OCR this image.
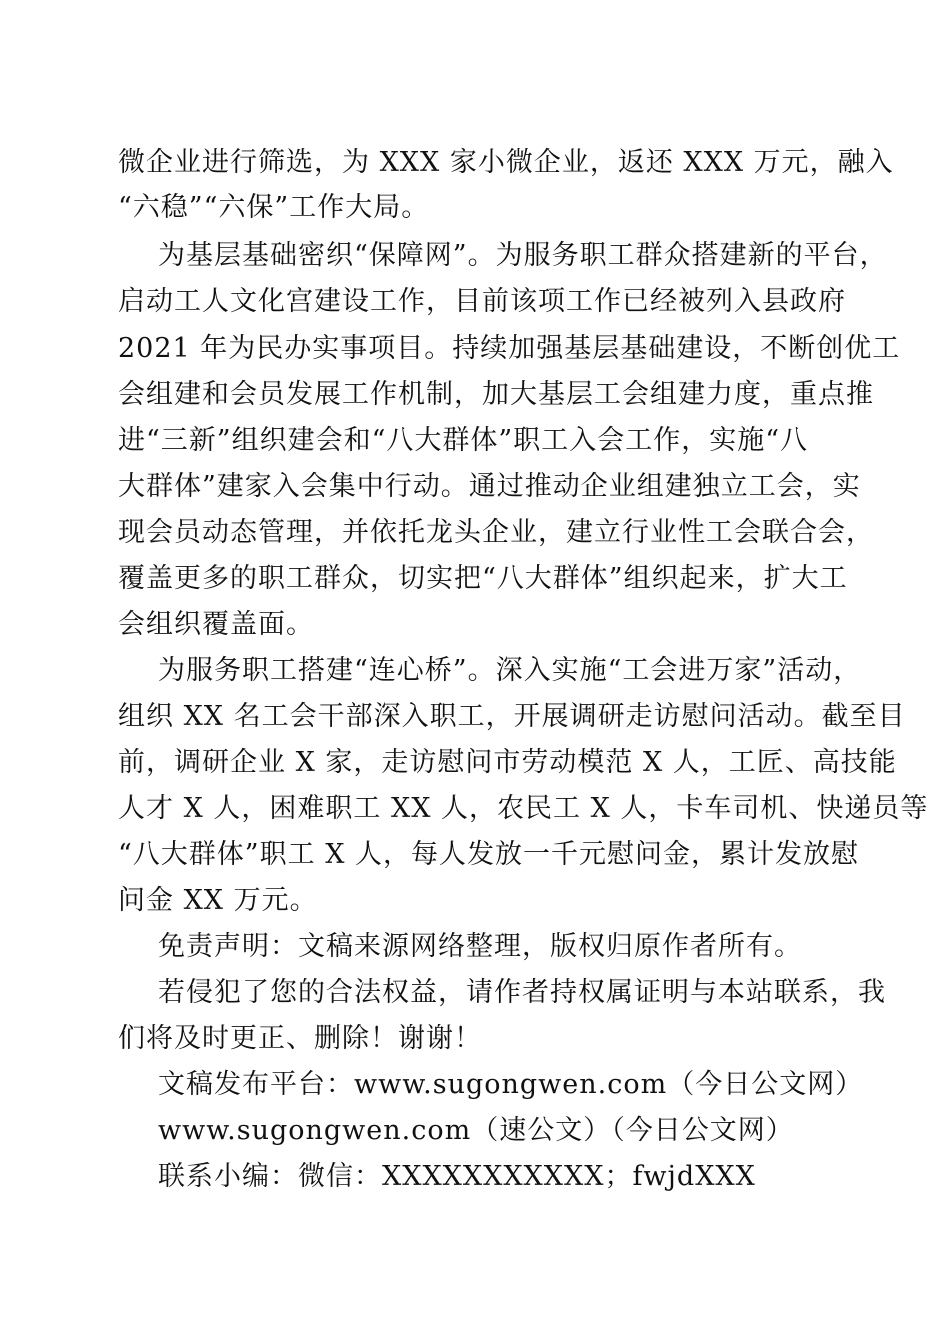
微企业进行筛选，为 XXX 家小微企业，返还 XXX 万元，融入
“六稳”“六保”工作大局。
为基层基础密织“保障网”。为服务职工群众搭建新的平台，
启动工人文化宫建设工作，目前该项工作已经被列入县政府
2021 年为民办实事项目。持续加强基层基础建设，不断创优工
会组建和会员发展工作机制，加大基层工会组建力度，重点推
进“三新”组织建会和“八大群体”职工入会工作，实施“八
大群体”建家入会集中行动。通过推动企业组建独立工会，实
现会员动态管理，并依托龙头企业，建立行业性工会联合会，
覆盖更多的职工群众，切实把“八大群体”组织起来，扩大工
会组织覆盖面。
为服务职工搭建“连心桥”。深入实施“工会进万家”活动，
组织 XX 名工会干部深入职工，开展调研走访慰问活动。截至目
前，调研企业 X 家，走访慰问市劳动模范 X 人，工匠、高技能
人才 X 人，困难职工 XX 人，农民工 X 人，卡车司机、快递员等
“八大群体”职工 X 人，每人发放一千元慰问金，累计发放慰
问金 XX 万元。
免责声明：文稿来源网络整理，版权归原作者所有。
若侵犯了您的合法权益，请作者持权属证明与本站联系，我
们将及时更正、删除！谢谢！
文稿发布平台：www.sugongwen.com（今日公文网）
www.sugongwen.com（速公文）（今日公文网）
联系小编：微信：XXXXXXXXXXX；fwjdXXX
